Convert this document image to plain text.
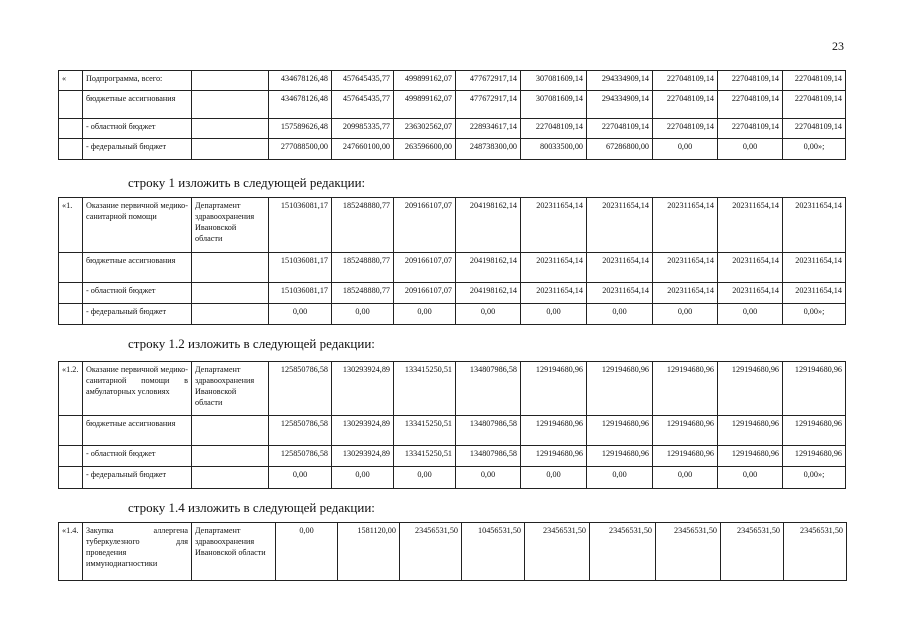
23
«	Подпрограмма, всего:		434678126,48	457645435,77	499899162,07	477672917,14	307081609,14	294334909,14	227048109,14	227048109,14	227048109,14
	бюджетные ассигнования		434678126,48	457645435,77	499899162,07	477672917,14	307081609,14	294334909,14	227048109,14	227048109,14	227048109,14
	- областной бюджет		157589626,48	209985335,77	236302562,07	228934617,14	227048109,14	227048109,14	227048109,14	227048109,14	227048109,14
	- федеральный бюджет		277088500,00	247660100,00	263596600,00	248738300,00	80033500,00	67286800,00	0,00	0,00	0,00»;
строку 1 изложить в следующей редакции:
«1.	Оказание первичной медико-санитарной помощи	Департамент здравоохранения Ивановской области	151036081,17	185248880,77	209166107,07	204198162,14	202311654,14	202311654,14	202311654,14	202311654,14	202311654,14
	бюджетные ассигнования		151036081,17	185248880,77	209166107,07	204198162,14	202311654,14	202311654,14	202311654,14	202311654,14	202311654,14
	- областной бюджет		151036081,17	185248880,77	209166107,07	204198162,14	202311654,14	202311654,14	202311654,14	202311654,14	202311654,14
	- федеральный бюджет		0,00	0,00	0,00	0,00	0,00	0,00	0,00	0,00	0,00»;
строку 1.2 изложить в следующей редакции:
«1.2.	Оказание первичной медико-санитарной помощи в амбулаторных условиях	Департамент здравоохранения Ивановской области	125850786,58	130293924,89	133415250,51	134807986,58	129194680,96	129194680,96	129194680,96	129194680,96	129194680,96
	бюджетные ассигнования		125850786,58	130293924,89	133415250,51	134807986,58	129194680,96	129194680,96	129194680,96	129194680,96	129194680,96
	- областной бюджет		125850786,58	130293924,89	133415250,51	134807986,58	129194680,96	129194680,96	129194680,96	129194680,96	129194680,96
	- федеральный бюджет		0,00	0,00	0,00	0,00	0,00	0,00	0,00	0,00	0,00»;
строку 1.4 изложить в следующей редакции:
«1.4.	Закупка аллергена туберкулезного для проведения иммунодиагностики	Департамент здравоохранения Ивановской области	0,00	1581120,00	23456531,50	10456531,50	23456531,50	23456531,50	23456531,50	23456531,50	23456531,50
